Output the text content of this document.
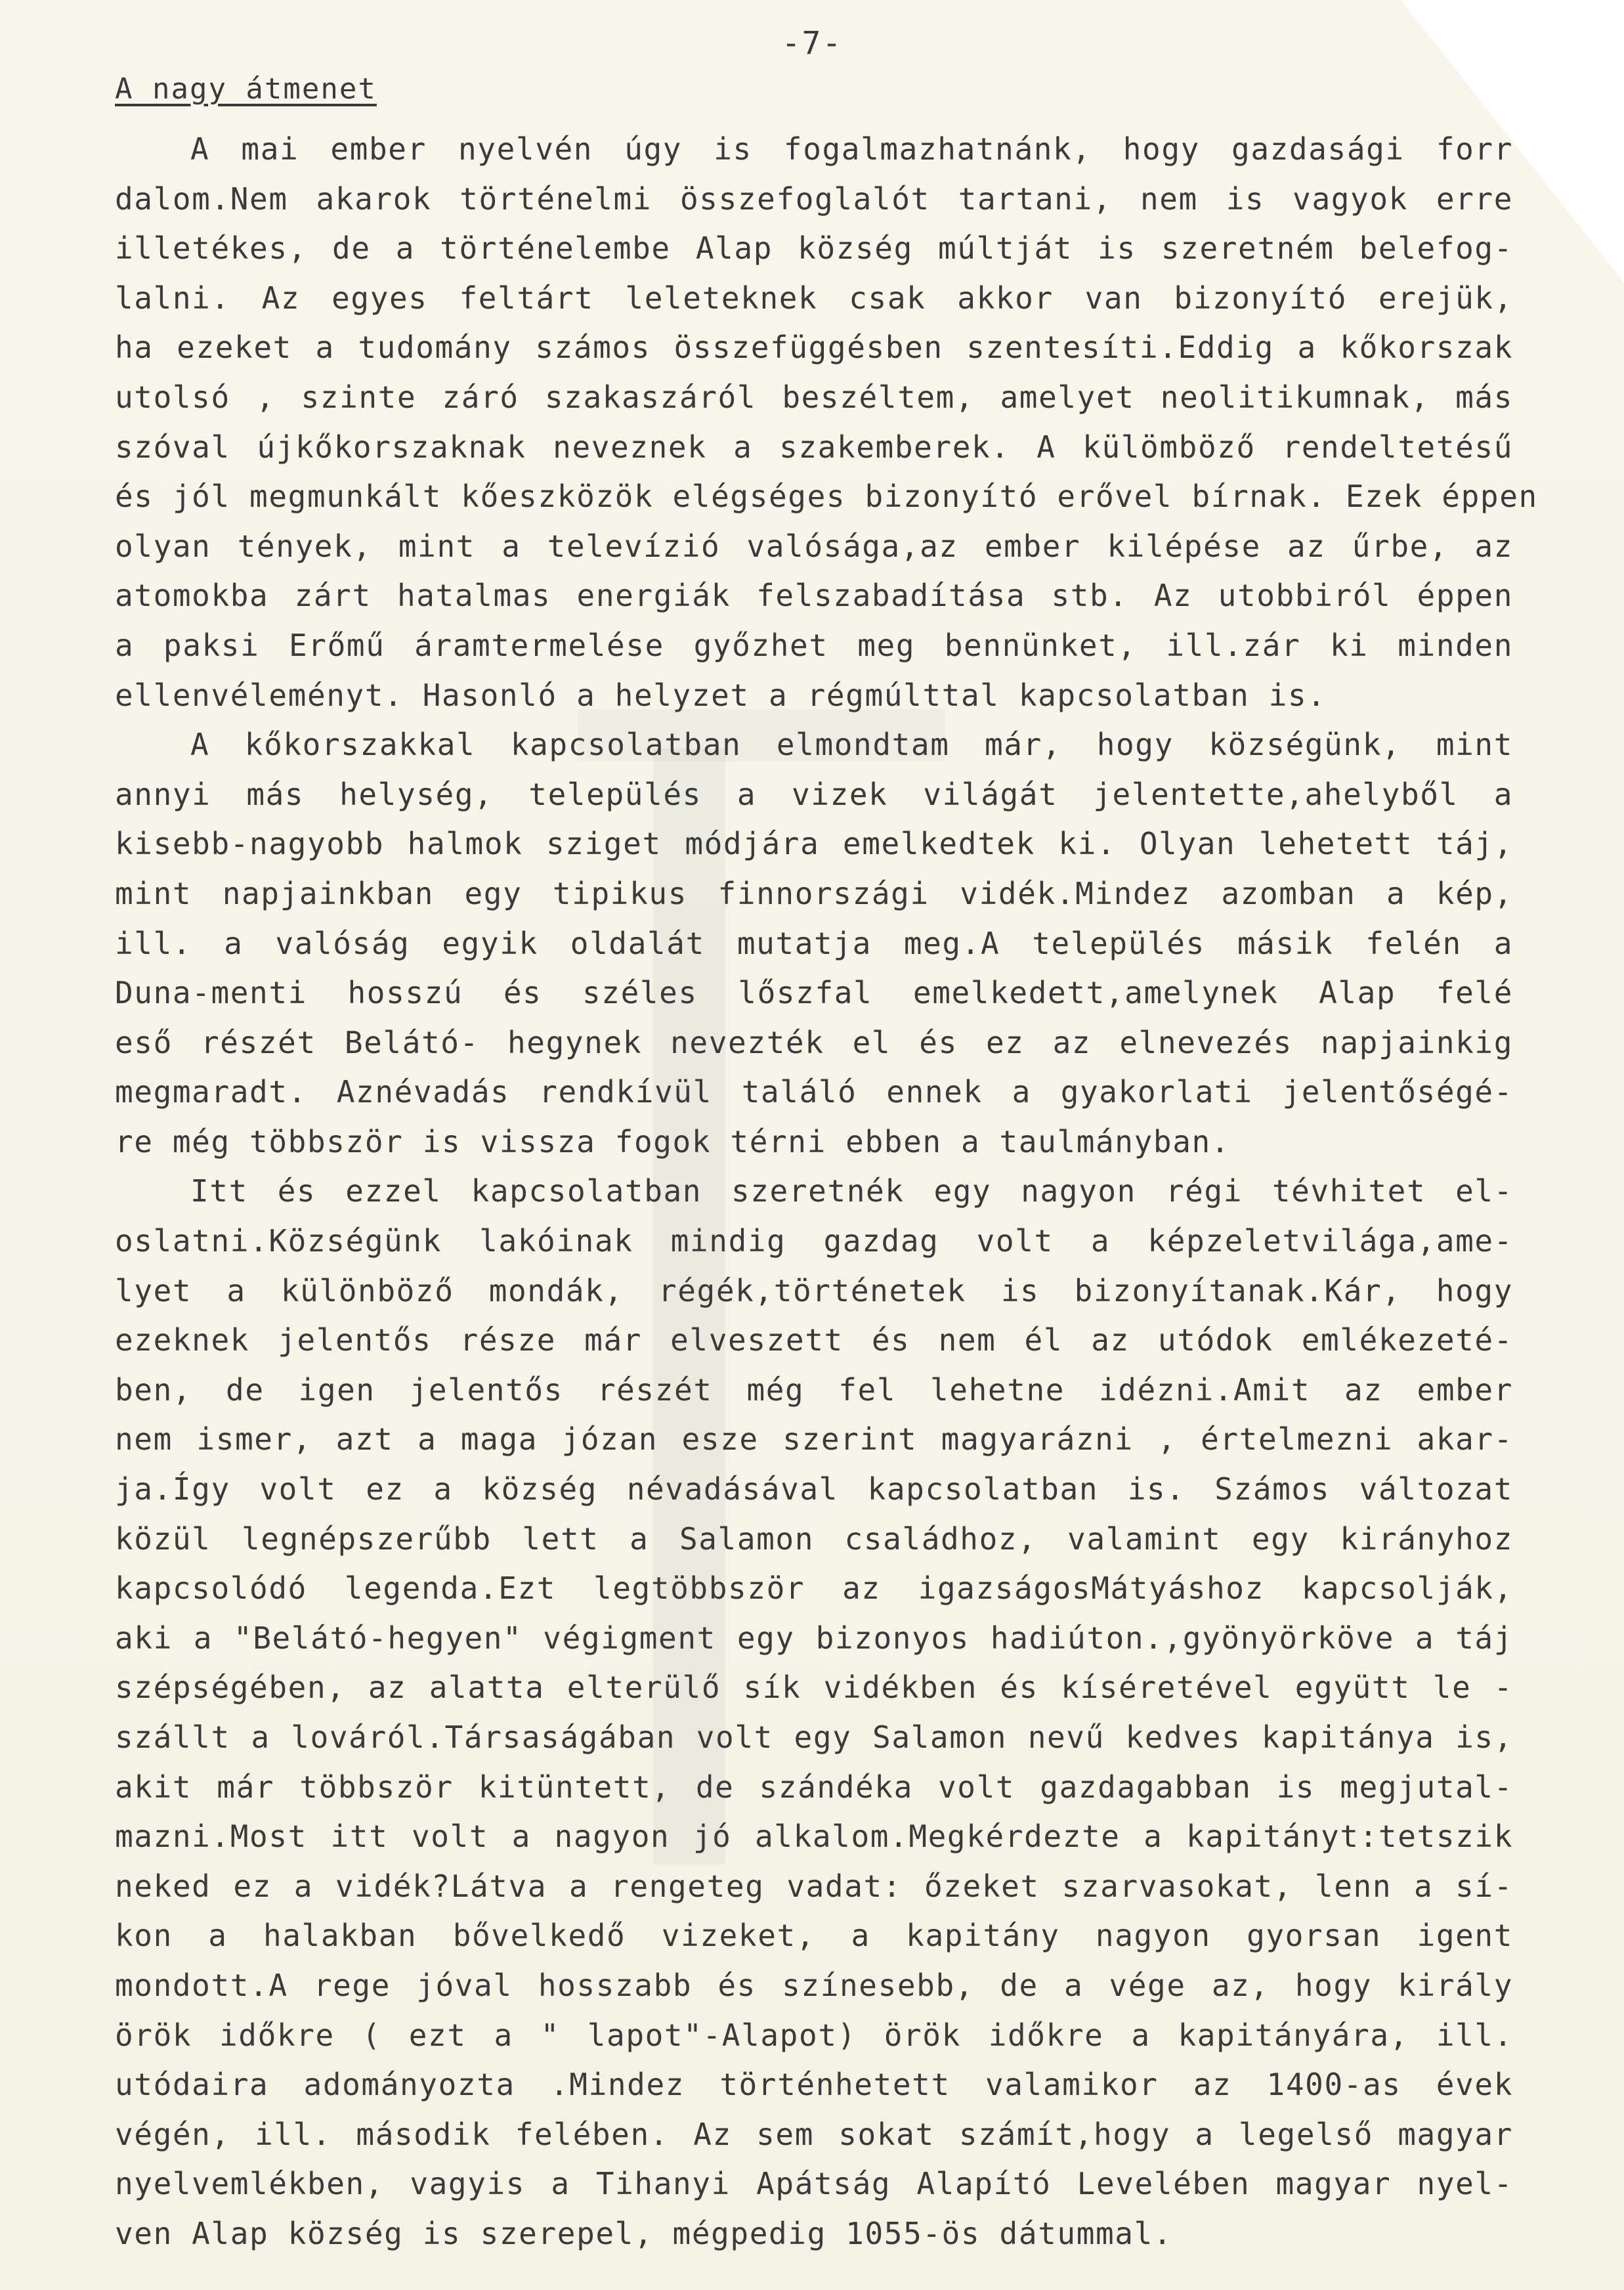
-7-
A nagy átmenet
A mai ember nyelvén úgy is fogalmazhatnánk, hogy gazdasági forr
dalom.Nem akarok történelmi összefoglalót tartani, nem is vagyok erre
illetékes, de a történelembe Alap község múltját is szeretném belefog-
lalni. Az egyes feltárt leleteknek csak akkor van bizonyító erejük,
ha ezeket a tudomány számos összefüggésben szentesíti.Eddig a kőkorszak
utolsó , szinte záró szakaszáról beszéltem, amelyet neolitikumnak, más
szóval újkőkorszaknak neveznek a szakemberek. A külömböző rendeltetésű
és jól megmunkált kőeszközök elégséges bizonyító erővel bírnak. Ezek éppen
olyan tények, mint a televízió valósága,az ember kilépése az űrbe, az
atomokba zárt hatalmas energiák felszabadítása stb. Az utobbiról éppen
a paksi Erőmű áramtermelése győzhet meg bennünket, ill.zár ki minden
ellenvéleményt. Hasonló a helyzet a régmúlttal kapcsolatban is.
A kőkorszakkal kapcsolatban elmondtam már, hogy községünk, mint
annyi más helység, település a vizek világát jelentette,ahelyből a
kisebb-nagyobb halmok sziget módjára emelkedtek ki. Olyan lehetett táj,
mint napjainkban egy tipikus finnországi vidék.Mindez azomban a kép,
ill. a valóság egyik oldalát mutatja meg.A település másik felén a
Duna-menti hosszú és széles lőszfal emelkedett,amelynek Alap felé
eső részét Belátó- hegynek nevezték el és ez az elnevezés napjainkig
megmaradt. Aznévadás rendkívül találó ennek a gyakorlati jelentőségé-
re még többször is vissza fogok térni ebben a taulmányban.
Itt és ezzel kapcsolatban szeretnék egy nagyon régi tévhitet el-
oslatni.Községünk lakóinak mindig gazdag volt a képzeletvilága,ame-
lyet a különböző mondák, régék,történetek is bizonyítanak.Kár, hogy
ezeknek jelentős része már elveszett és nem él az utódok emlékezeté-
ben, de igen jelentős részét még fel lehetne idézni.Amit az ember
nem ismer, azt a maga józan esze szerint magyarázni , értelmezni akar-
ja.Így volt ez a község névadásával kapcsolatban is. Számos változat
közül legnépszerűbb lett a Salamon családhoz, valamint egy kirányhoz
kapcsolódó legenda.Ezt legtöbbször az igazságosMátyáshoz kapcsolják,
aki a "Belátó-hegyen" végigment egy bizonyos hadiúton.,gyönyörköve a táj
szépségében, az alatta elterülő sík vidékben és kíséretével együtt le -
szállt a lováról.Társaságában volt egy Salamon nevű kedves kapitánya is,
akit már többször kitüntett, de szándéka volt gazdagabban is megjutal-
mazni.Most itt volt a nagyon jó alkalom.Megkérdezte a kapitányt:tetszik
neked ez a vidék?Látva a rengeteg vadat: őzeket szarvasokat, lenn a sí-
kon a halakban bővelkedő vizeket, a kapitány nagyon gyorsan igent
mondott.A rege jóval hosszabb és színesebb, de a vége az, hogy király
örök időkre ( ezt a " lapot"-Alapot) örök időkre a kapitányára, ill.
utódaira adományozta .Mindez történhetett valamikor az 1400-as évek
végén, ill. második felében. Az sem sokat számít,hogy a legelső magyar
nyelvemlékben, vagyis a Tihanyi Apátság Alapító Levelében magyar nyel-
ven Alap község is szerepel, mégpedig 1055-ös dátummal.
